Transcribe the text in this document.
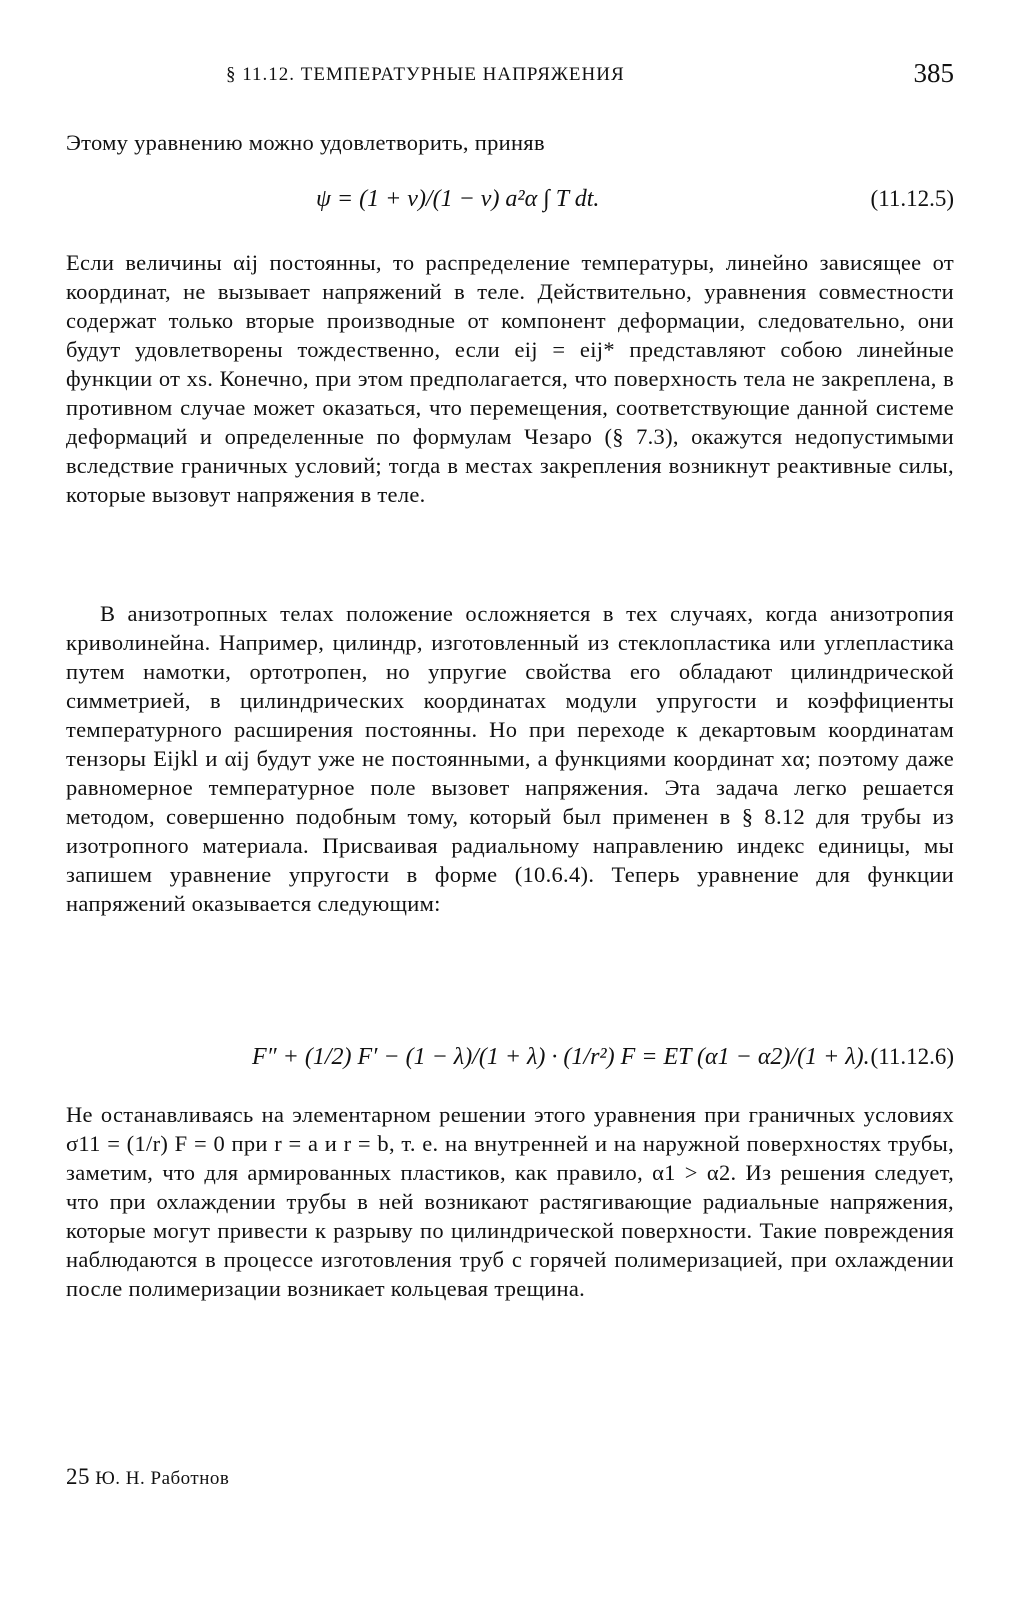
§ 11.12. ТЕМПЕРАТУРНЫЕ НАПРЯЖЕНИЯ	385

Этому уравнению можно удовлетворить, приняв

ψ = (1 + ν)/(1 − ν) a²α ∫ T dt.	(11.12.5)

Если величины αij постоянны, то распределение температуры, линейно зависящее от координат, не вызывает напряжений в теле. Действительно, уравнения совместности содержат только вторые производные от компонент деформации, следовательно, они будут удовлетворены тождественно, если eij = eij* представляют собою линейные функции от xs. Конечно, при этом предполагается, что поверхность тела не закреплена, в противном случае может оказаться, что перемещения, соответствующие данной системе деформаций и определенные по формулам Чезаро (§ 7.3), окажутся недопустимыми вследствие граничных условий; тогда в местах закрепления возникнут реактивные силы, которые вызовут напряжения в теле.

В анизотропных телах положение осложняется в тех случаях, когда анизотропия криволинейна. Например, цилиндр, изготовленный из стеклопластика или углепластика путем намотки, ортотропен, но упругие свойства его обладают цилиндрической симметрией, в цилиндрических координатах модули упругости и коэффициенты температурного расширения постоянны. Но при переходе к декартовым координатам тензоры Eijkl и αij будут уже не постоянными, а функциями координат xα; поэтому даже равномерное температурное поле вызовет напряжения. Эта задача легко решается методом, совершенно подобным тому, который был применен в § 8.12 для трубы из изотропного материала. Присваивая радиальному направлению индекс единицы, мы запишем уравнение упругости в форме (10.6.4). Теперь уравнение для функции напряжений оказывается следующим:

F″ + (1/2) F′ − (1 − λ)/(1 + λ) · (1/r²) F = ET (α1 − α2)/(1 + λ). (11.12.6)

Не останавливаясь на элементарном решении этого уравнения при граничных условиях σ11 = (1/r) F = 0 при r = a и r = b, т. е. на внутренней и на наружной поверхностях трубы, заметим, что для армированных пластиков, как правило, α1 > α2. Из решения следует, что при охлаждении трубы в ней возникают растягивающие радиальные напряжения, которые могут привести к разрыву по цилиндрической поверхности. Такие повреждения наблюдаются в процессе изготовления труб с горячей полимеризацией, при охлаждении после полимеризации возникает кольцевая трещина.

25 Ю. Н. Работнов
